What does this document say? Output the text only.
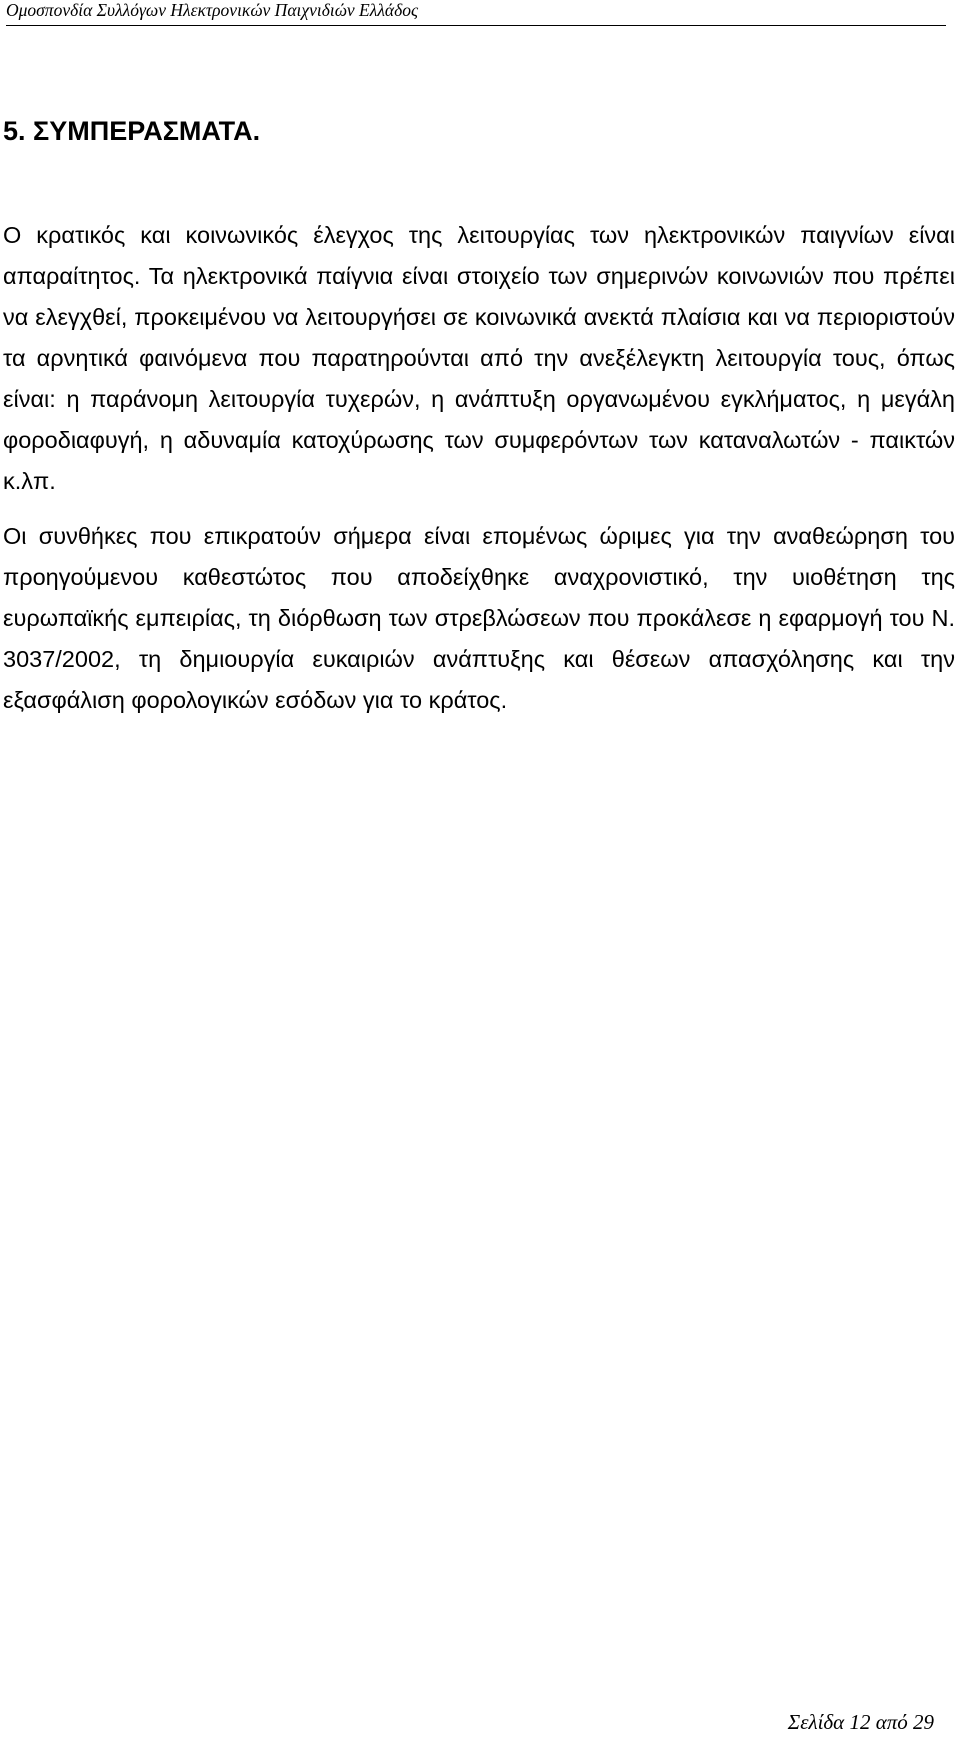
Ομοσπονδία Συλλόγων Ηλεκτρονικών Παιχνιδιών Ελλάδος
5. ΣΥΜΠΕΡΑΣΜΑΤΑ.

Ο κρατικός και κοινωνικός έλεγχος της λειτουργίας των ηλεκτρονικών παιγνίων είναι απαραίτητος. Τα ηλεκτρονικά παίγνια είναι στοιχείο των σημερινών κοινωνιών που πρέπει να ελεγχθεί, προκειμένου να λειτουργήσει σε κοινωνικά ανεκτά πλαίσια και να περιοριστούν τα αρνητικά φαινόμενα που παρατηρούνται από την ανεξέλεγκτη λειτουργία τους, όπως είναι: η παράνομη λειτουργία τυχερών, η ανάπτυξη οργανωμένου εγκλήματος, η μεγάλη φοροδιαφυγή, η αδυναμία κατοχύρωσης των συμφερόντων των καταναλωτών - παικτών κ.λπ.

Οι συνθήκες που επικρατούν σήμερα είναι επομένως ώριμες για την αναθεώρηση του προηγούμενου καθεστώτος που αποδείχθηκε αναχρονιστικό, την υιοθέτηση της ευρωπαϊκής εμπειρίας, τη διόρθωση των στρεβλώσεων που προκάλεσε η εφαρμογή του Ν. 3037/2002, τη δημιουργία ευκαιριών ανάπτυξης και θέσεων απασχόλησης και την εξασφάλιση φορολογικών εσόδων για το κράτος.

Σελίδα 12 από 29
